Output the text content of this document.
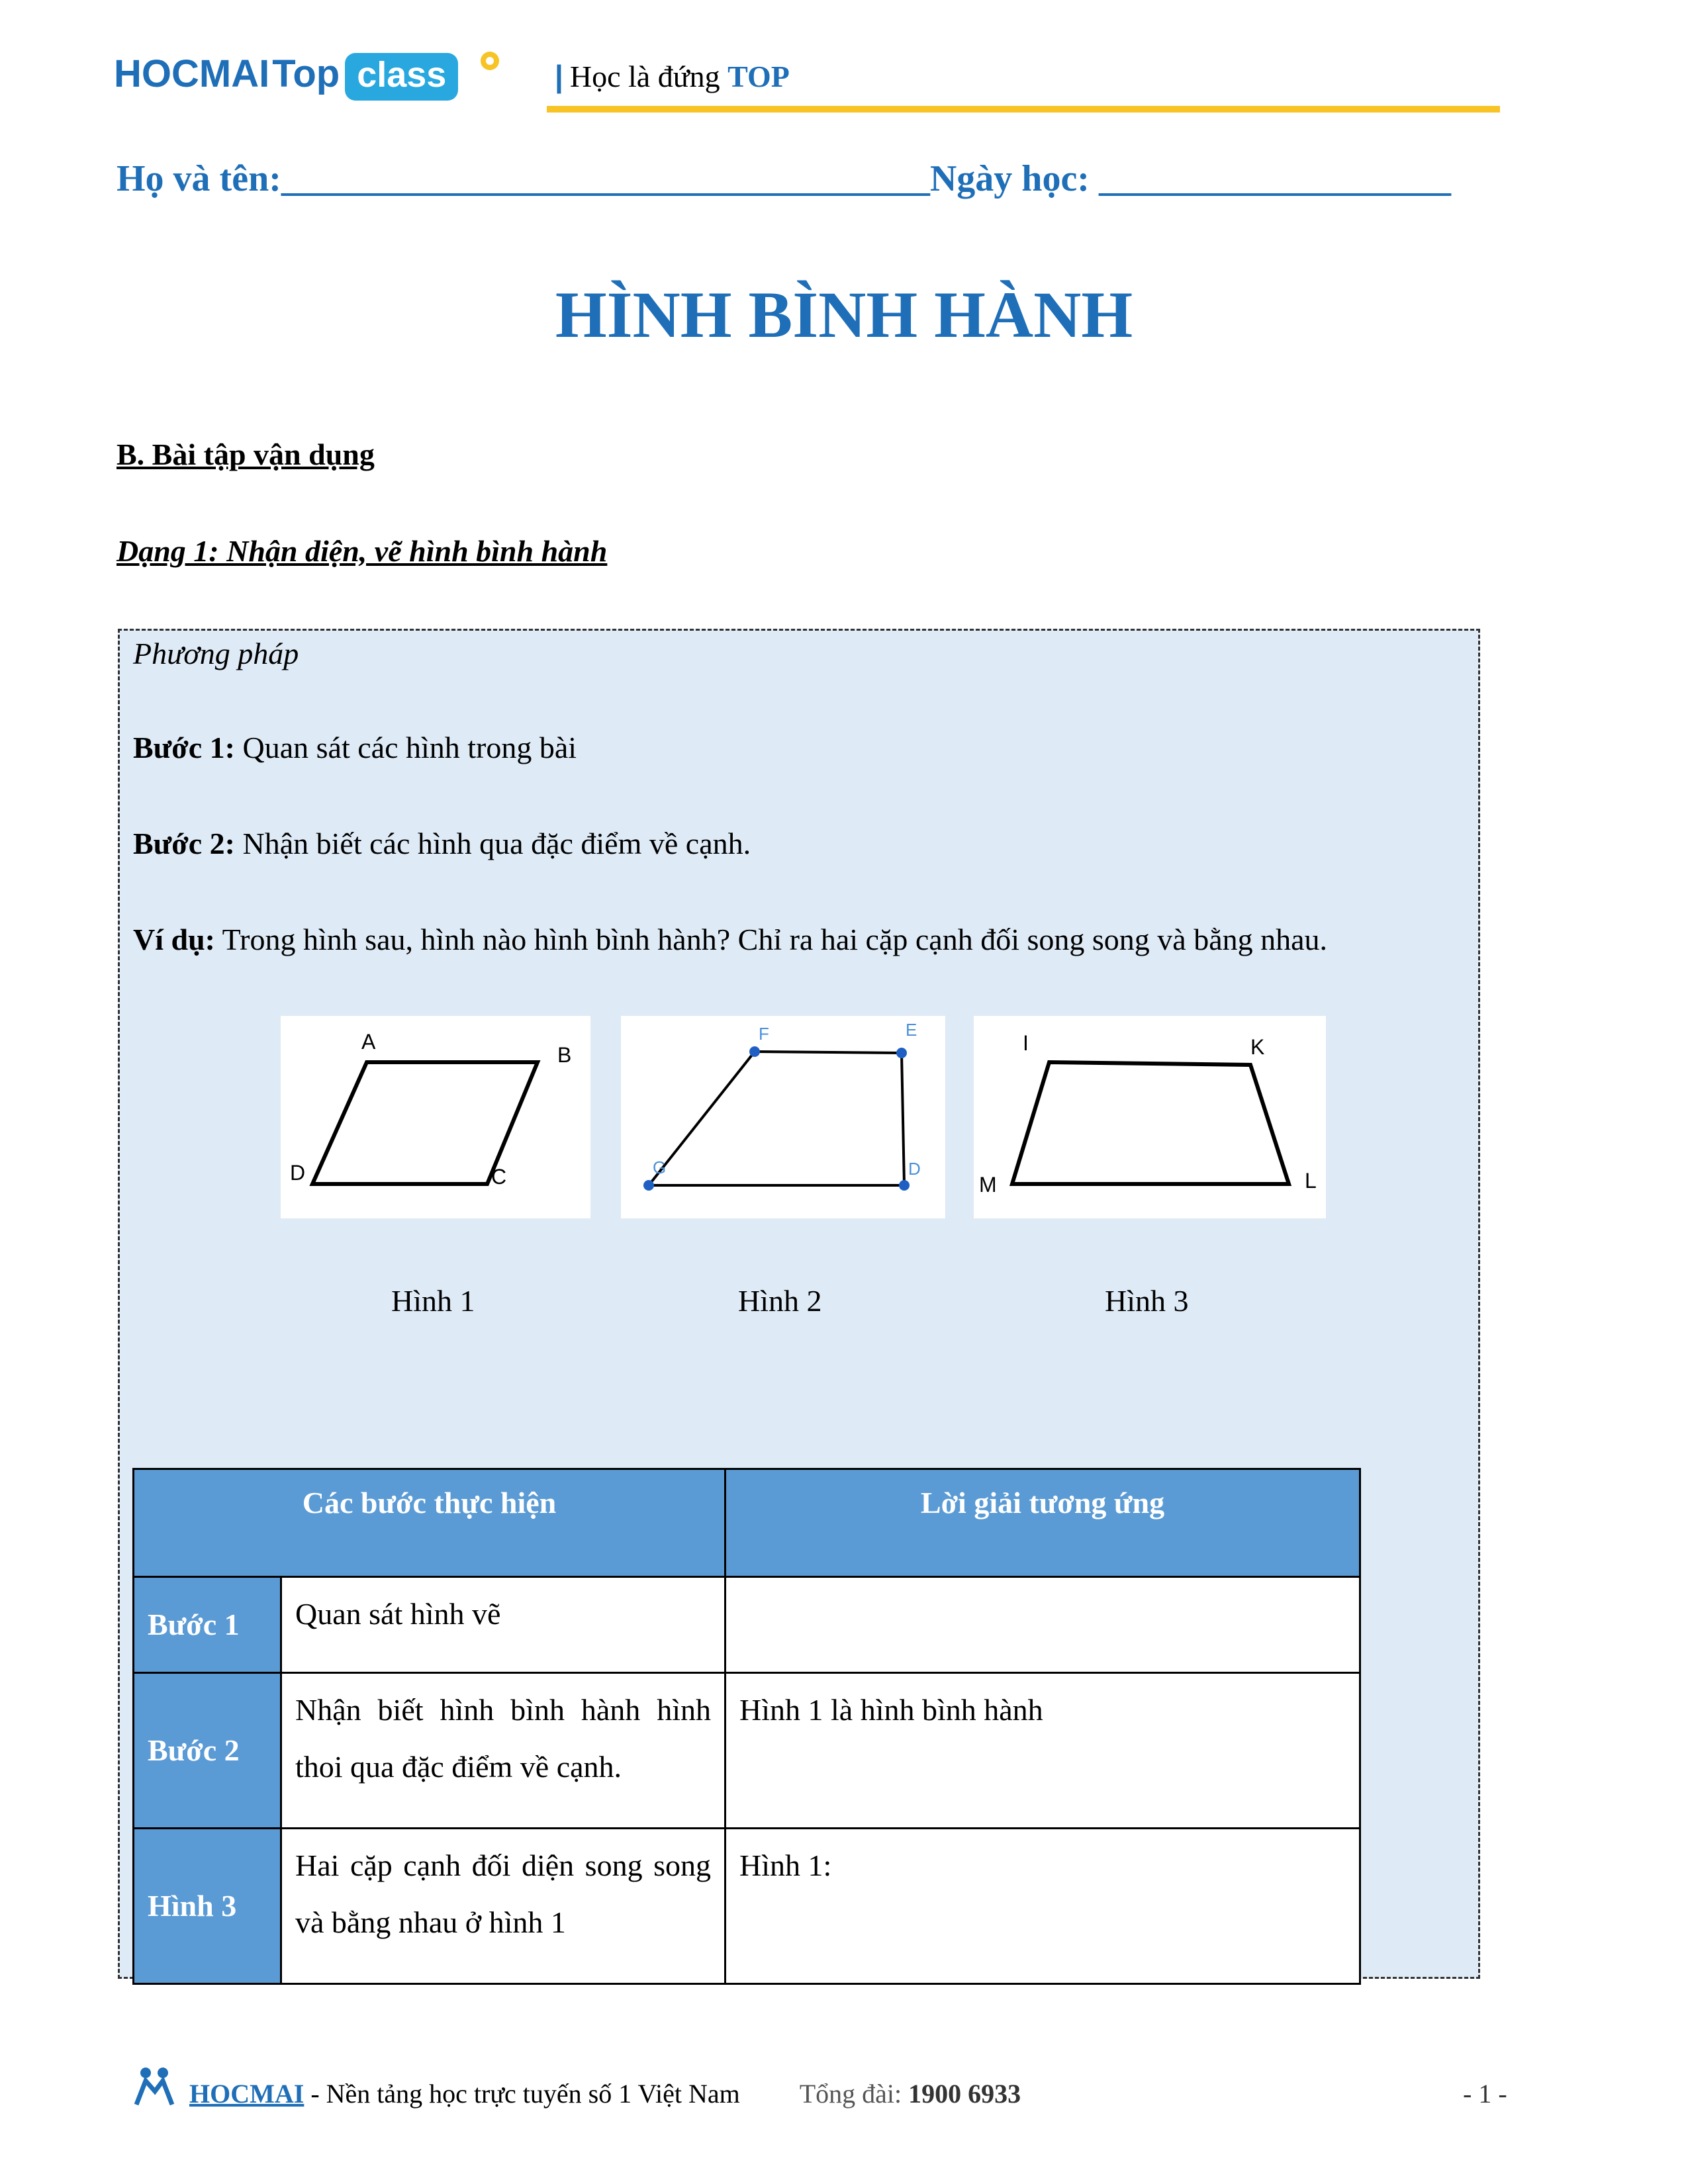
HOCMAI Top class	| Học là đứng TOP
Họ và tên:___________________________________Ngày học: ___________________
HÌNH BÌNH HÀNH
B. Bài tập vận dụng
Dạng 1: Nhận diện, vẽ hình bình hành
Phương pháp
Bước 1: Quan sát các hình trong bài
Bước 2: Nhận biết các hình qua đặc điểm về cạnh.
Ví dụ: Trong hình sau, hình nào hình bình hành? Chỉ ra hai cặp cạnh đối song song và bằng nhau.
A
B
C
D
F	E
D
G
I	K
L
M
Hình 1	Hình 2	Hình 3
Các bước thực hiện		Lời giải tương ứng
Bước 1	Quan sát hình vẽ	
Bước 2	Nhận biết hình bình hành hình thoi qua đặc điểm về cạnh.	Hình 1 là hình bình hành
Hình 3	Hai cặp cạnh đối diện song song và bằng nhau ở hình 1	Hình 1:
HOCMAI - Nền tảng học trực tuyến số 1 Việt Nam Tổng đài: 1900 6933	- 1 -
